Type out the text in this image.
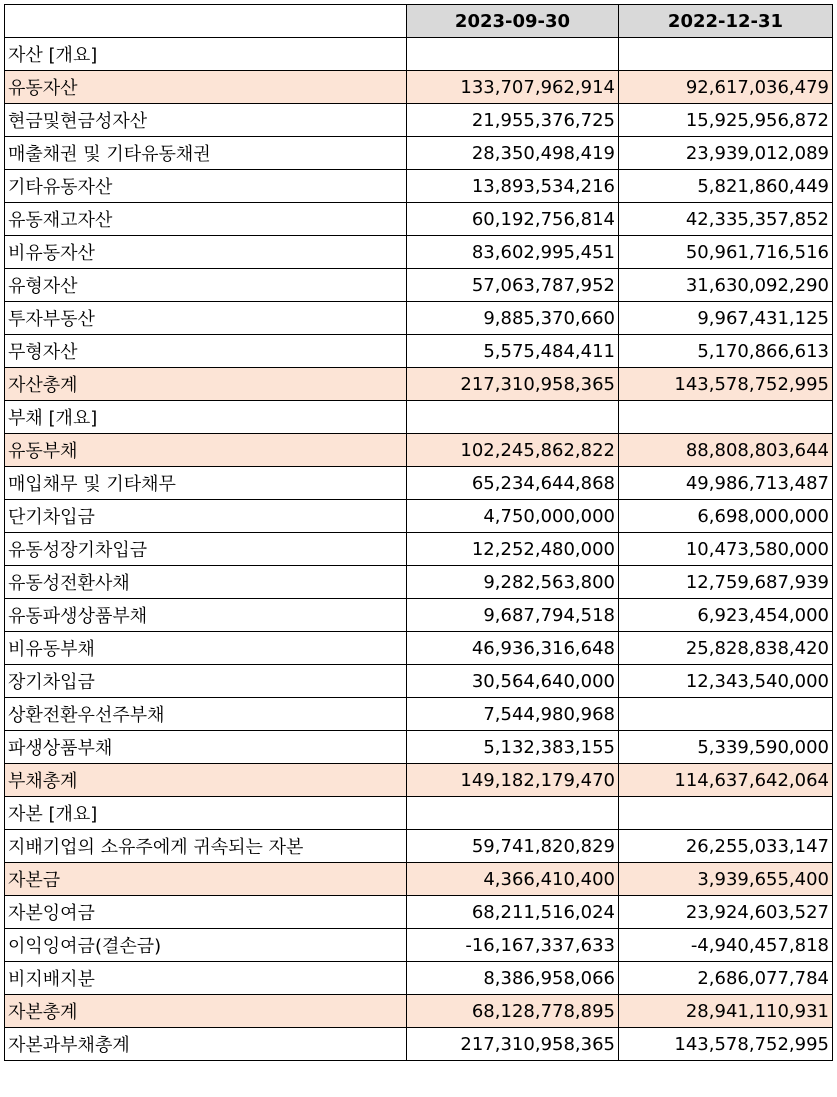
	2023-09-30	2022-12-31
자산 [개요]		
유동자산	133,707,962,914	92,617,036,479
현금및현금성자산	21,955,376,725	15,925,956,872
매출채권 및 기타유동채권	28,350,498,419	23,939,012,089
기타유동자산	13,893,534,216	5,821,860,449
유동재고자산	60,192,756,814	42,335,357,852
비유동자산	83,602,995,451	50,961,716,516
유형자산	57,063,787,952	31,630,092,290
투자부동산	9,885,370,660	9,967,431,125
무형자산	5,575,484,411	5,170,866,613
자산총계	217,310,958,365	143,578,752,995
부채 [개요]		
유동부채	102,245,862,822	88,808,803,644
매입채무 및 기타채무	65,234,644,868	49,986,713,487
단기차입금	4,750,000,000	6,698,000,000
유동성장기차입금	12,252,480,000	10,473,580,000
유동성전환사채	9,282,563,800	12,759,687,939
유동파생상품부채	9,687,794,518	6,923,454,000
비유동부채	46,936,316,648	25,828,838,420
장기차입금	30,564,640,000	12,343,540,000
상환전환우선주부채	7,544,980,968	
파생상품부채	5,132,383,155	5,339,590,000
부채총계	149,182,179,470	114,637,642,064
자본 [개요]		
지배기업의 소유주에게 귀속되는 자본	59,741,820,829	26,255,033,147
자본금	4,366,410,400	3,939,655,400
자본잉여금	68,211,516,024	23,924,603,527
이익잉여금(결손금)	-16,167,337,633	-4,940,457,818
비지배지분	8,386,958,066	2,686,077,784
자본총계	68,128,778,895	28,941,110,931
자본과부채총계	217,310,958,365	143,578,752,995
